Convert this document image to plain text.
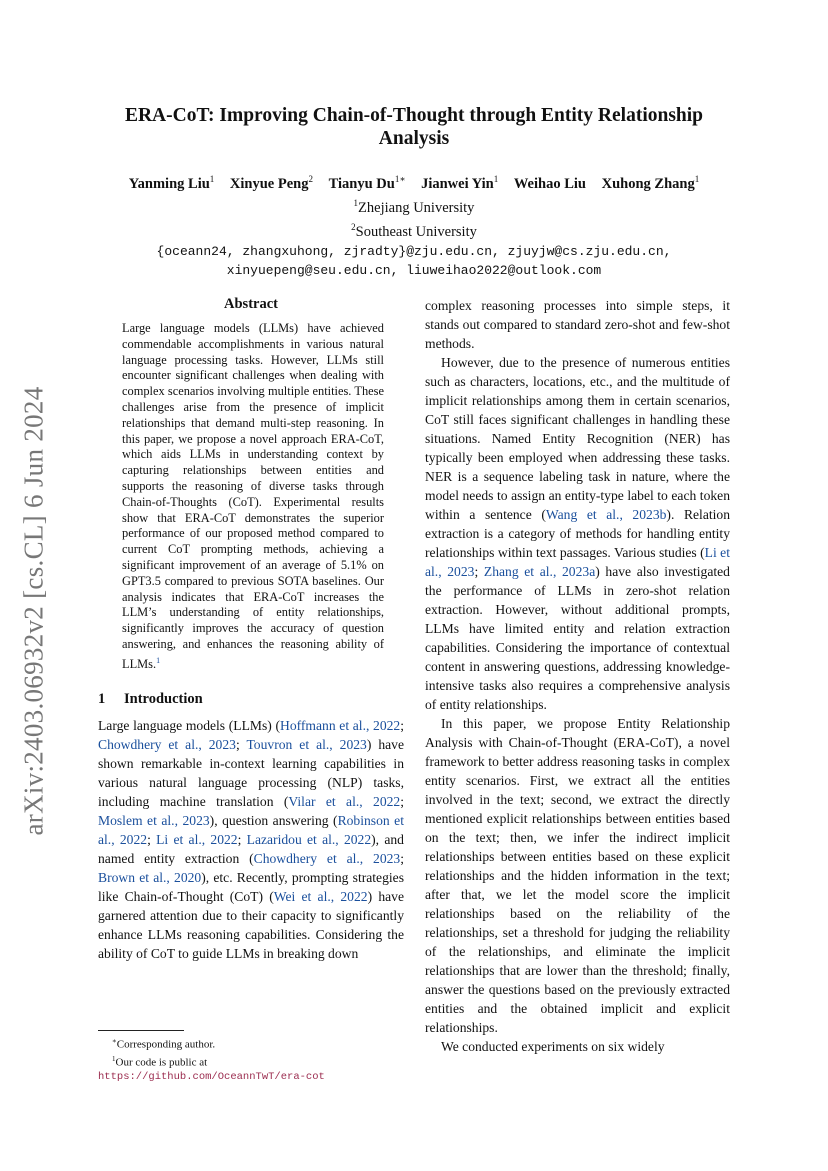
arXiv:2403.06932v2 [cs.CL] 6 Jun 2024
ERA-CoT: Improving Chain-of-Thought through Entity Relationship
Analysis
Yanming Liu$^1$ Xinyue Peng$^2$ Tianyu $Du^{1∗}$ Jianwei Yin$^1$ Weihao Liu Xuhong Zhang$^1$
$^1$Zhejiang University
$^2$Southeast University
{oceann24, zhangxuhong, zjradty}@zju.edu.cn, zjuyjw@cs.zju.edu.cn,
xinyuepeng@seu.edu.cn, liuweihao2022@outlook.com
Abstract

Large language models (LLMs) have achieved commendable accomplishments in various natural language processing tasks. However, LLMs still encounter significant challenges when dealing with complex scenarios involving multiple entities. These challenges arise from the presence of implicit relationships that demand multi-step reasoning. In this paper, we propose a novel approach ERA-CoT, which aids LLMs in understanding context by capturing relationships between entities and supports the reasoning of diverse tasks through Chain-of-Thoughts (CoT). Experimental results show that ERA-CoT demonstrates the superior performance of our proposed method compared to current CoT prompting methods, achieving a significant improvement of an average of 5.1% on GPT3.5 compared to previous SOTA baselines. Our analysis indicates that ERA-CoT increases the LLM’s understanding of entity relationships, significantly improves the accuracy of question answering, and enhances the reasoning ability of LLMs.$^1$

1 Introduction

Large language models (LLMs) (Hoffmann et al., 2022; Chowdhery et al., 2023; Touvron et al., 2023) have shown remarkable in-context learning capabilities in various natural language processing (NLP) tasks, including machine translation (Vilar et al., 2022; Moslem et al., 2023), question answering (Robinson et al., 2022; Li et al., 2022; Lazaridou et al., 2022), and named entity extraction (Chowdhery et al., 2023; Brown et al., 2020), etc. Recently, prompting strategies like Chain-of-Thought (CoT) (Wei et al., 2022) have garnered attention due to their capacity to significantly enhance LLMs reasoning capabilities. Considering the ability of CoT to guide LLMs in breaking down

∗Corresponding author.

$^1$Our code is public at https://github.com/OceannTwT/era-cot

complex reasoning processes into simple steps, it stands out compared to standard zero-shot and few-shot methods.

However, due to the presence of numerous entities such as characters, locations, etc., and the multitude of implicit relationships among them in certain scenarios, CoT still faces significant challenges in handling these situations. Named Entity Recognition (NER) has typically been employed when addressing these tasks. NER is a sequence labeling task in nature, where the model needs to assign an entity-type label to each token within a sentence (Wang et al., 2023b). Relation extraction is a category of methods for handling entity relationships within text passages. Various studies (Li et al., 2023; Zhang et al., 2023a) have also investigated the performance of LLMs in zero-shot relation extraction. However, without additional prompts, LLMs have limited entity and relation extraction capabilities. Considering the importance of contextual content in answering questions, addressing knowledge-intensive tasks also requires a comprehensive analysis of entity relationships.

In this paper, we propose Entity Relationship Analysis with Chain-of-Thought (ERA-CoT), a novel framework to better address reasoning tasks in complex entity scenarios. First, we extract all the entities involved in the text; second, we extract the directly mentioned explicit relationships between entities based on the text; then, we infer the indirect implicit relationships between entities based on these explicit relationships and the hidden information in the text; after that, we let the model score the implicit relationships based on the reliability of the relationships, set a threshold for judging the reliability of the relationships, and eliminate the implicit relationships that are lower than the threshold; finally, answer the questions based on the previously extracted entities and the obtained implicit and explicit relationships.

We conducted experiments on six widely
